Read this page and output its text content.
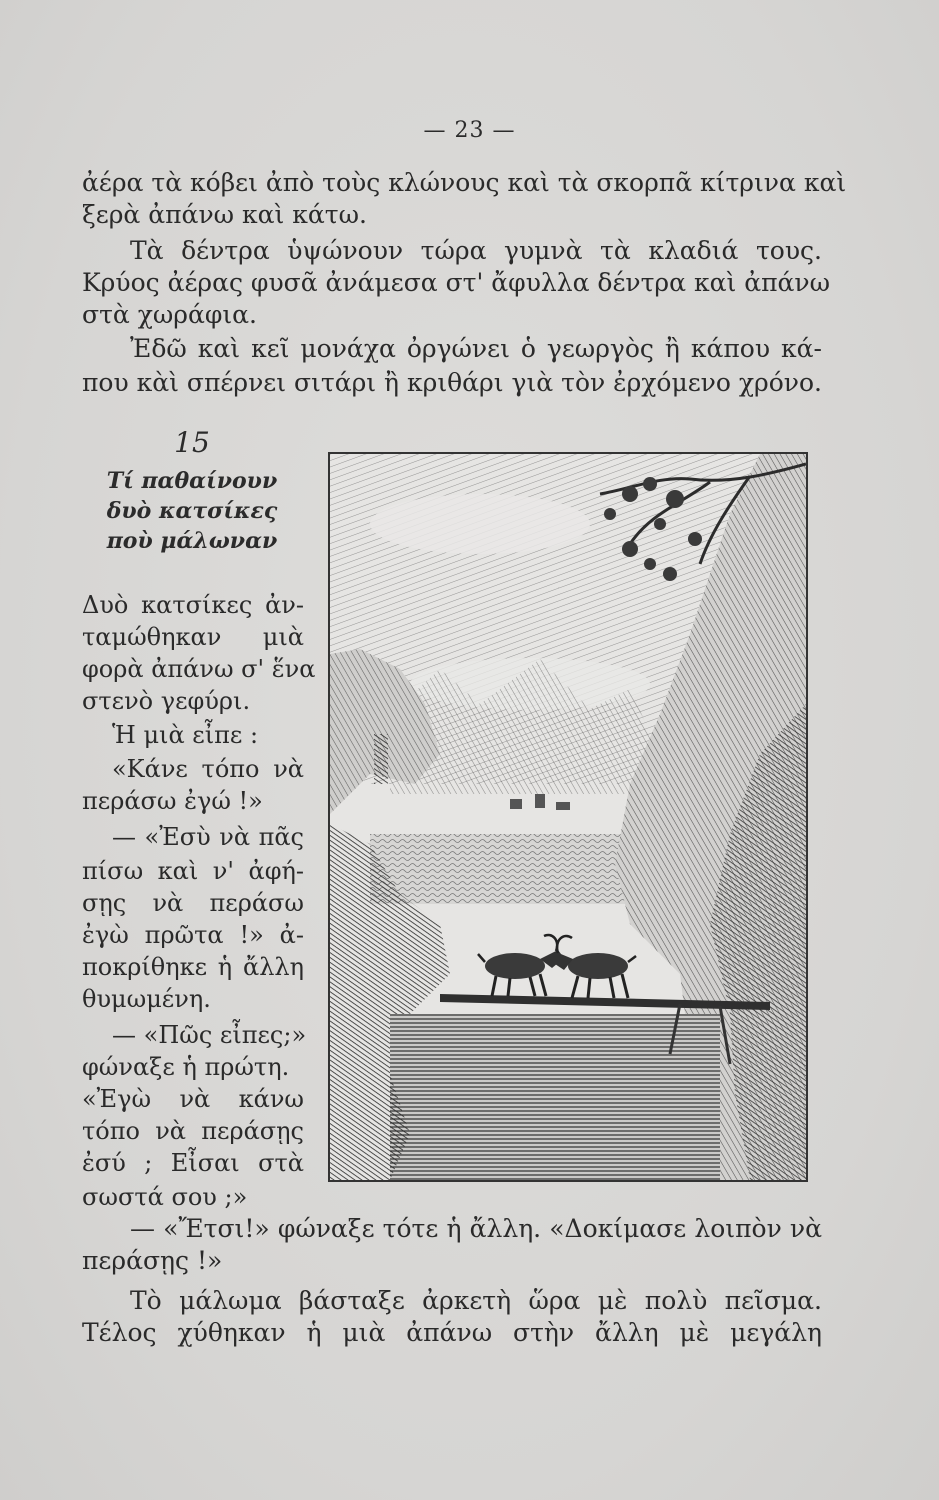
— 23 —
ἀέρα τὰ κόβει ἀπὸ τοὺς κλώνους καὶ τὰ σκορπᾶ κίτρινα καὶ
ξερὰ ἀπάνω καὶ κάτω.
Τὰ δέντρα ὑψώνουν τώρα γυμνὰ τὰ κλαδιά τους.
Κρύος ἀέρας φυσᾶ ἀνάμεσα στ' ἄφυλλα δέντρα καὶ ἀπάνω
στὰ χωράφια.
Ἐδῶ καὶ κεῖ μονάχα ὀργώνει ὁ γεωργὸς ἢ κάπου κά-
που κὰὶ σπέρνει σιτάρι ἢ κριθάρι γιὰ τὸν ἐρχόμενο χρόνο.
15
Τί παθαίνουν
δυὸ κατσίκες
ποὺ μάλωναν
Δυὸ κατσίκες ἀν-
ταμώθηκαν μιὰ
φορὰ ἀπάνω σ' ἕνα
στενὸ γεφύρι.
Ἡ μιὰ εἶπε :
«Κάνε τόπο νὰ
περάσω ἐγώ !»
— «Ἐσὺ νὰ πᾶς
πίσω καὶ ν' ἀφή-
σῃς νὰ περάσω
ἐγὼ πρῶτα !» ἀ-
ποκρίθηκε ἡ ἄλλη
θυμωμένη.
— «Πῶς εἶπες;»
φώναξε ἡ πρώτη.
«Ἐγὼ νὰ κάνω
τόπο νὰ περάσῃς
ἐσύ ; Εἶσαι στὰ
σωστά σου ;»
— «Ἔτσι!» φώναξε τότε ἡ ἄλλη. «Δοκίμασε λοιπὸν νὰ
περάσῃς !»
Τὸ μάλωμα βάσταξε ἀρκετὴ ὥρα μὲ πολὺ πεῖσμα.
Τέλος χύθηκαν ἡ μιὰ ἀπάνω στὴν ἄλλη μὲ μεγάλη
